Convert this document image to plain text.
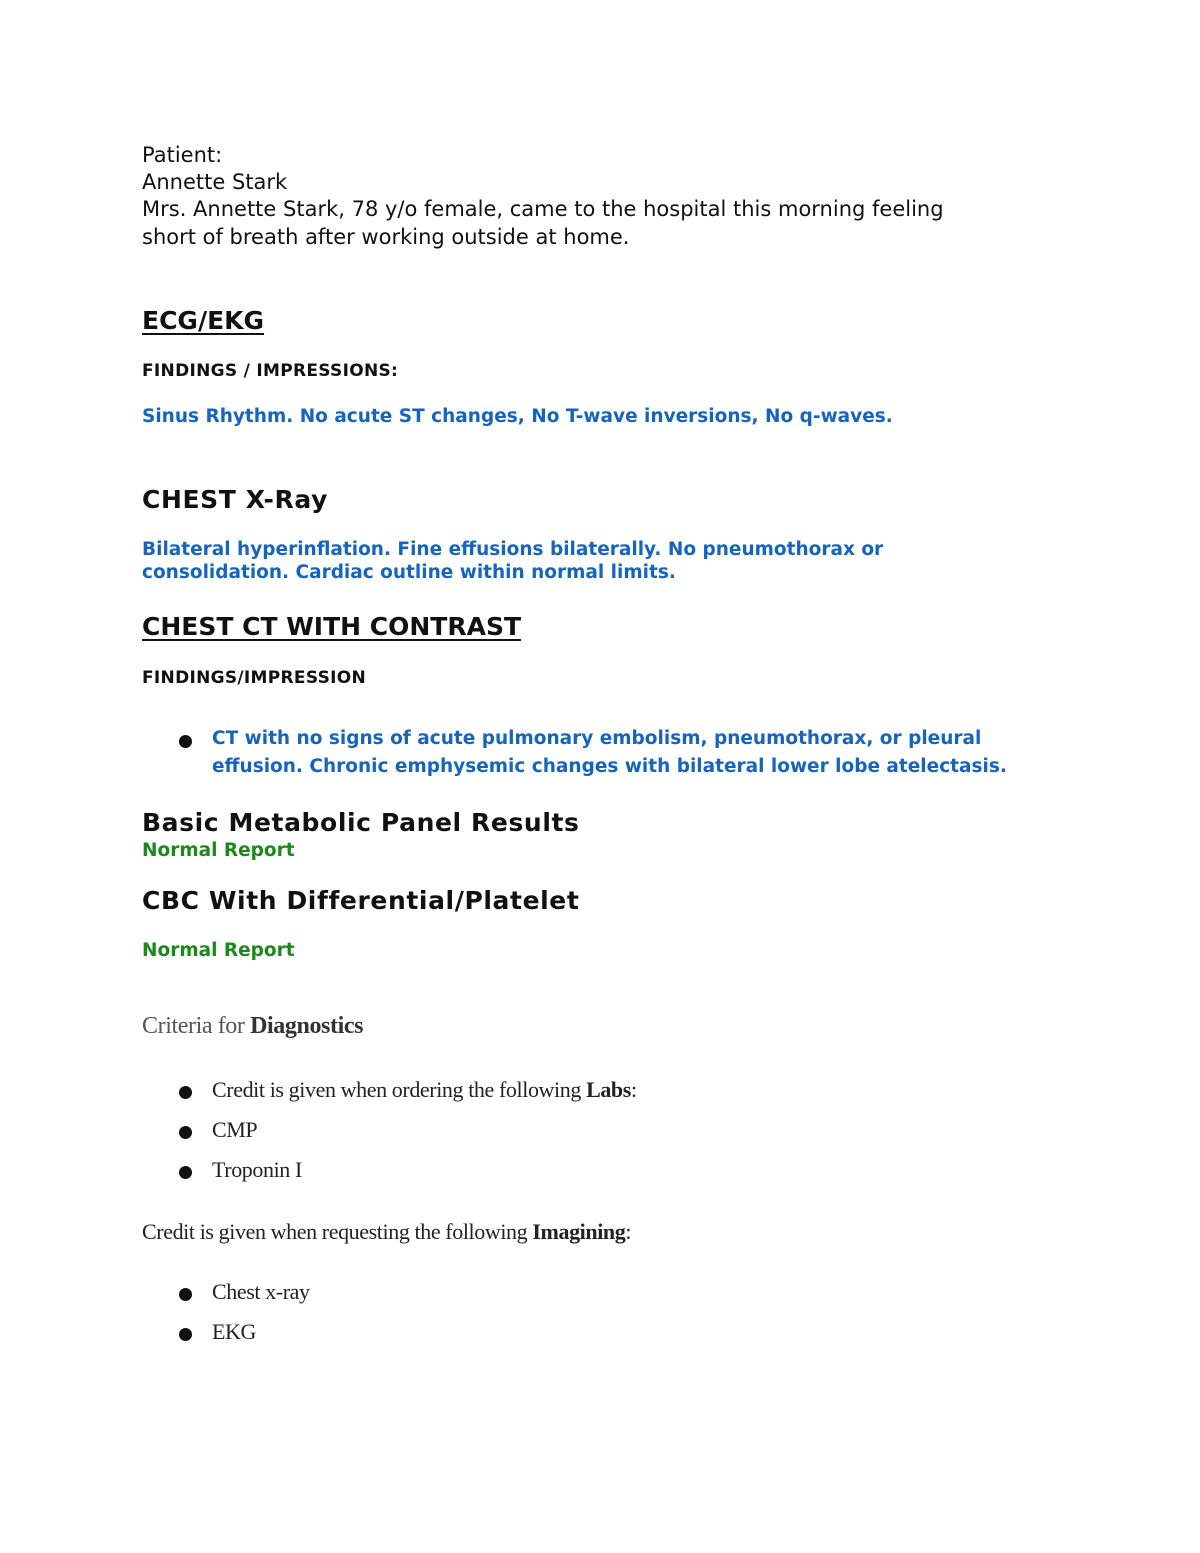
Patient:

Annette Stark

Mrs. Annette Stark, 78 y/o female, came to the hospital this morning feeling

short of breath after working outside at home.

ECG/EKG

FINDINGS / IMPRESSIONS:

Sinus Rhythm. No acute ST changes, No T-wave inversions, No q-waves.

CHEST X-Ray

Bilateral hyperinflation. Fine effusions bilaterally. No pneumothorax or

consolidation. Cardiac outline within normal limits.

CHEST CT WITH CONTRAST

FINDINGS/IMPRESSION

CT with no signs of acute pulmonary embolism, pneumothorax, or pleural

effusion. Chronic emphysemic changes with bilateral lower lobe atelectasis.

Basic Metabolic Panel Results

Normal Report

CBC With Differential/Platelet

Normal Report

Criteria for Diagnostics

Credit is given when ordering the following Labs:

CMP

Troponin I

Credit is given when requesting the following Imagining:

Chest x-ray

EKG
